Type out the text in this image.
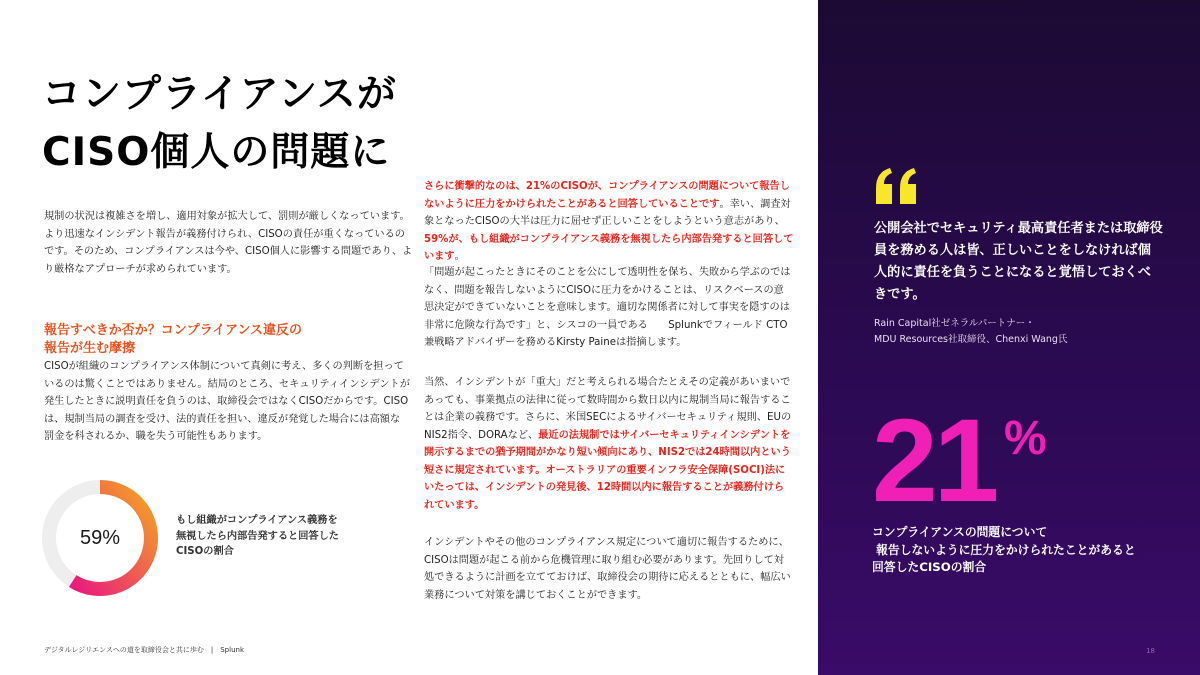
コンプライアンスが
CISO個人の問題に

規制の状況は複雑さを増し、適用対象が拡大して、罰則が厳しくなっています。より迅速なインシデント報告が義務付けられ、CISOの責任が重くなっているのです。そのため、コンプライアンスは今や、CISO個人に影響する問題であり、より厳格なアプローチが求められています。

報告すべきか否か？コンプライアンス違反の
報告が生む摩擦

CISOが組織のコンプライアンス体制について真剣に考え、多くの判断を担っているのは驚くことではありません。結局のところ、セキュリティインシデントが発生したときに説明責任を負うのは、取締役会ではなくCISOだからです。CISOは、規制当局の調査を受け、法的責任を担い、違反が発覚した場合には高額な罰金を科されるか、職を失う可能性もあります。

59%

もし組織がコンプライアンス義務を無視したら内部告発すると回答した CISOの割合

さらに衝撃的なのは、21%のCISOが、コンプライアンスの問題について報告しないように圧力をかけられたことがあると回答していることです。幸い、調査対象となったCISOの大半は圧力に屈せず正しいことをしようという意志があり、59%が、もし組織がコンプライアンス義務を無視したら内部告発すると回答しています。

「問題が起こったときにそのことを公にして透明性を保ち、失敗から学ぶのではなく、問題を報告しないようにCISOに圧力をかけることは、リスクベースの意思決定ができていないことを意味します。適切な関係者に対して事実を隠すのは非常に危険な行為です」と、シスコの一員である　　Splunkでフィールド CTO兼戦略アドバイザーを務めるKirsty Paineは指摘します。

当然、インシデントが「重大」だと考えられる場合たとえその定義があいまいであっても、事業拠点の法律に従って数時間から数日以内に規制当局に報告することは企業の義務です。さらに、米国SECによるサイバーセキュリティ規則、EUのNIS2指令、DORAなど、最近の法規制ではサイバーセキュリティインシデントを開示するまでの猶予期間がかなり短い傾向にあり、NIS2では24時間以内という短さに規定されています。オーストラリアの重要インフラ安全保障(SOCI)法にいたっては、インシデントの発見後、12時間以内に報告することが義務付けられています。

インシデントやその他のコンプライアンス規定について適切に報告するために、CISOは問題が起こる前から危機管理に取り組む必要があります。先回りして対処できるように計画を立てておけば、取締役会の期待に応えるとともに、幅広い業務について対策を講じておくことができます。

デジタルレジリエンスへの道を取締役会と共に歩む　|　Splunk

公開会社でセキュリティ最高責任者または取締役員を務める人は皆、正しいことをしなければ個人的に責任を負うことになると覚悟しておくべきです。

Rain Capital社ゼネラルパートナー・
MDU Resources社取締役、Chenxi Wang氏
21 %
コンプライアンスの問題について
報告しないように圧力をかけられたことがあると
回答したCISOの割合
18
